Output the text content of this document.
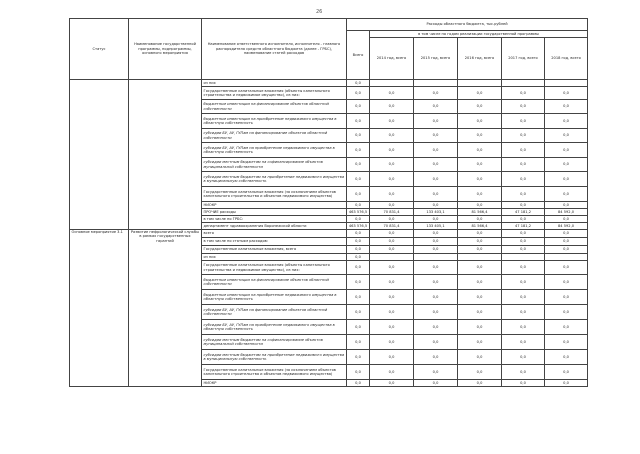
26
Статус	Наименование государственной программы, подпрограммы, основного мероприятия	Наименование ответственного исполнителя, исполнителя - главного распорядителя средств областного бюджета (далее - ГРБС), наименование статей расходов	Расходы областного бюджета, тыс.рублей					
			Всего	в том числе по годам реализации государственной программы				
				2014 год, всего	2015 год, всего	2016 год, всего	2017 год, всего	2018 год, всего
		из них	0,0					
		Государственные капитальные вложения (объекты капитального строительства и недвижимое имущество), из них:	0,0	0,0	0,0	0,0	0,0	0,0
		бюджетные инвестиции на финансирование объектов областной собственности	0,0	0,0	0,0	0,0	0,0	0,0
		бюджетные инвестиции на приобретение недвижимого имущества в областную собственность	0,0	0,0	0,0	0,0	0,0	0,0
		субсидии БУ, АУ, ГУПам на финансирование объектов областной собственности	0,0	0,0	0,0	0,0	0,0	0,0
		субсидии БУ, АУ, ГУПам на приобретение недвижимого имущества в областную собственность	0,0	0,0	0,0	0,0	0,0	0,0
		субсидии местным бюджетам на софинансирование объектов муниципальной собственности	0,0	0,0	0,0	0,0	0,0	0,0
		субсидии местным бюджетам на приобретение недвижимого имущества в муниципальную собственность	0,0	0,0	0,0	0,0	0,0	0,0
		Государственные капитальные вложения (за исключением объектов капитального строительства и объектов недвижимого имущества)	0,0	0,0	0,0	0,0	0,0	0,0
		НИОКР	0,0	0,0	0,0	0,0	0,0	0,0
		ПРОЧИЕ расходы	463 576,5	70 831,4	133 403,1	81 566,4	47 181,2	84 592,0
		в том числе по ГРБС:	0,0	0,0	0,0	0,0	0,0	0,0
		департамент здравоохранения Воронежской области	463 576,5	70 831,4	133 405,1	81 566,4	47 181,2	84 592,0
Основное мероприятие 3.1	Развитие нефрологической службы в рамках государственных гарантий	всего	0,0	0,0	0,0	0,0	0,0	0,0
		в том числе по статьям расходов:	0,0	0,0	0,0	0,0	0,0	0,0
		Государственные капитальные вложения, всего	0,0	0,0	0,0	0,0	0,0	0,0
		из них	0,0					
		Государственные капитальные вложения (объекты капитального строительства и недвижимое имущество), из них:	0,0	0,0	0,0	0,0	0,0	0,0
		бюджетные инвестиции на финансирование объектов областной собственности	0,0	0,0	0,0	0,0	0,0	0,0
		бюджетные инвестиции на приобретение недвижимого имущества в областную собственность	0,0	0,0	0,0	0,0	0,0	0,0
		субсидии БУ, АУ, ГУПам на финансирование объектов областной собственности	0,0	0,0	0,0	0,0	0,0	0,0
		субсидии БУ, АУ, ГУПам на приобретение недвижимого имущества в областную собственность	0,0	0,0	0,0	0,0	0,0	0,0
		субсидии местным бюджетам на софинансирование объектов муниципальной собственности	0,0	0,0	0,0	0,0	0,0	0,0
		субсидии местным бюджетам на приобретение недвижимого имущества в муниципальную собственность	0,0	0,0	0,0	0,0	0,0	0,0
		Государственные капитальные вложения (за исключением объектов капитального строительства и объектов недвижимого имущества)	0,0	0,0	0,0	0,0	0,0	0,0
		НИОКР	0,0	0,0	0,0	0,0	0,0	0,0
